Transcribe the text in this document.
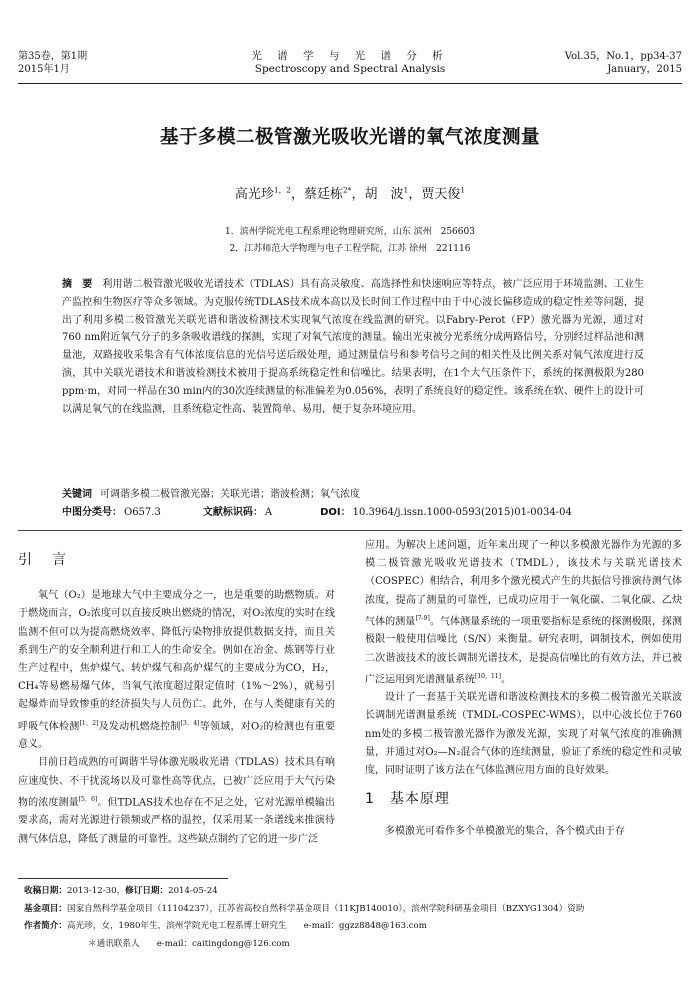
第35卷，第1期
2015年1月
光 谱 学 与 光 谱 分 析
Spectroscopy and Spectral Analysis
Vol.35，No.1，pp34-37
January，2015
基于多模二极管激光吸收光谱的氧气浓度测量
高光珍$^{1,2}$，蔡廷栋$^{2*}$，胡　波$^1$，贾天俊$^1$
1．滨州学院光电工程系理论物理研究所，山东 滨州　256603
2．江苏师范大学物理与电子工程学院，江苏 徐州　221116
摘　要 利用谐二极管激光吸收光谱技术（TDLAS）具有高灵敏度、高选择性和快速响应等特点，被广泛应用于环境监测、工业生产监控和生物医疗等众多领域。为克服传统TDLAS技术成本高以及长时间工作过程中由于中心波长偏移造成的稳定性差等问题，提出了利用多模二极管激光关联光谱和谐波检测技术实现氧气浓度在线监测的研究。以Fabry-Perot（FP）激光器为光源，通过对760 nm附近氧气分子的多条吸收谱线的探测，实现了对氧气浓度的测量。输出光束被分光系统分成两路信号，分别经过样品池和测量池，双路接收采集含有气体浓度信息的光信号送后级处理，通过测量信号和参考信号之间的相关性及比例关系对氧气浓度进行反演，其中关联光谱技术和谐波检测技术被用于提高系统稳定性和信噪比。结果表明，在1个大气压条件下，系统的探测极限为280 ppm·m，对同一样品在30 min内的30次连续测量的标准偏差为0.056%，表明了系统良好的稳定性。该系统在软、硬件上的设计可以满足氧气的在线监测，且系统稳定性高、装置简单、易用，便于复杂环境应用。
关键词 可调谐多模二极管激光器；关联光谱；谐波检测；氧气浓度
中图分类号： O657.3	文献标识码： A	DOI： 10.3964/j.issn.1000-0593(2015)01-0034-04
引　言

氧气（O₂）是地球大气中主要成分之一，也是重要的助燃物质。对于燃烧而言，O₂浓度可以直接反映出燃烧的情况，对O₂浓度的实时在线监测不但可以为提高燃烧效率、降低污染物排放提供数据支持，而且关系到生产的安全顺利进行和工人的生命安全。例如在冶金、炼钢等行业生产过程中，焦炉煤气、转炉煤气和高炉煤气的主要成分为CO，H₂，CH₄等易燃易爆气体，当氧气浓度超过限定值时（1%～2%），就易引起爆炸而导致惨重的经济损失与人员伤亡。此外，在与人类健康有关的呼吸气体检测[1，2]及发动机燃烧控制[3，4]等领域，对O₂的检测也有重要意义。

目前日趋成熟的可调谐半导体激光吸收光谱（TDLAS）技术具有响应速度快、不干扰流场以及可靠性高等优点，已被广泛应用于大气污染物的浓度测量[5，6]。但TDLAS技术也存在不足之处，它对光源单模输出要求高，需对光源进行锁频或严格的温控，仅采用某一条谱线来推演待测气体信息，降低了测量的可靠性。这些缺点制约了它的进一步广泛

应用。为解决上述问题，近年来出现了一种以多模激光器作为光源的多模二极管激光吸收光谱技术（TMDL），该技术与关联光谱技术（COSPEC）相结合，利用多个激光模式产生的共振信号推演待测气体浓度，提高了测量的可靠性，已成功应用于一氧化碳、二氧化碳、乙炔气体的测量[7-9]。气体测量系统的一项重要指标是系统的探测极限，探测极限一般使用信噪比（S/N）来衡量。研究表明，调制技术，例如使用二次谐波技术的波长调制光谱技术，是提高信噪比的有效方法，并已被广泛运用到光谱测量系统[10，11]。

设计了一套基于关联光谱和谐波检测技术的多模二极管激光关联波长调制光谱测量系统（TMDL-COSPEC-WMS），以中心波长位于760 nm处的多模二极管激光器作为激发光源，实现了对氧气浓度的准确测量，并通过对O₂—N₂混合气体的连续测量，验证了系统的稳定性和灵敏度，同时证明了该方法在气体监测应用方面的良好效果。

1　基本原理

多模激光可看作多个单模激光的集合，各个模式由于存

收稿日期：2013-12-30，修订日期：2014-05-24
基金项目：国家自然科学基金项目（11104237），江苏省高校自然科学基金项目（11KJB140010），滨州学院科研基金项目（BZXYG1304）资助
作者简介：高光珍，女，1980年生，滨州学院光电工程系博士研究生　　e-mail：ggzz8848@163.com
＊通讯联系人　　e-mail：caitingdong@126.com
